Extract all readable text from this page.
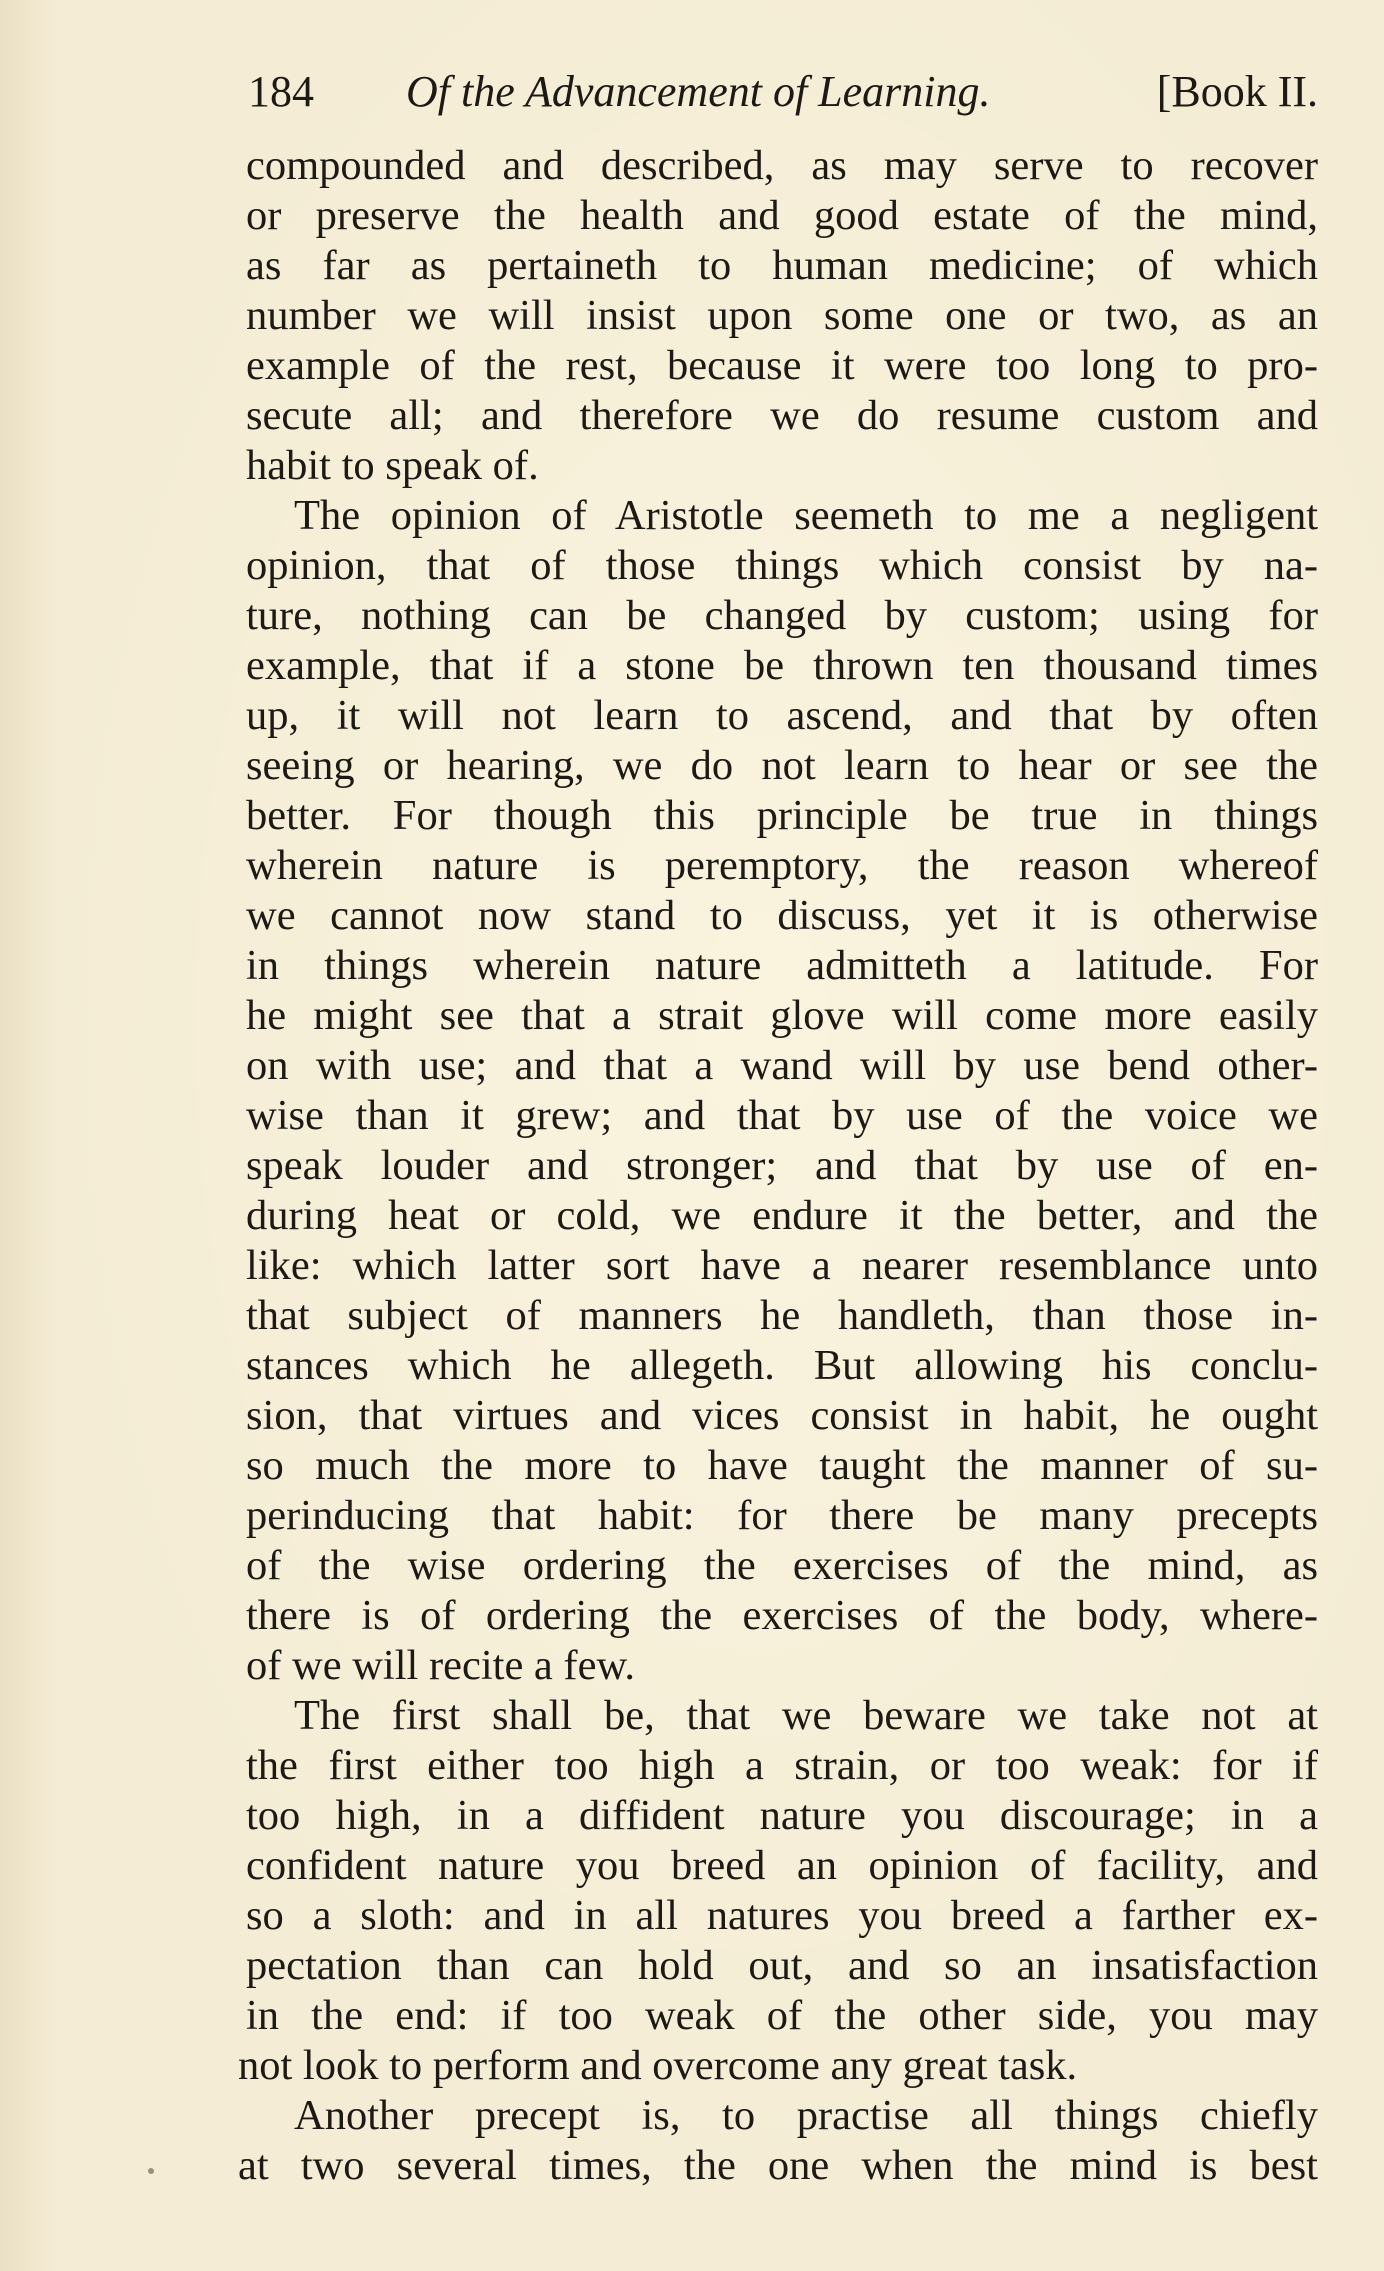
184 Of the Advancement of Learning.	[Book II.
compounded and described, as may serve to recover
or preserve the health and good estate of the mind,
as far as pertaineth to human medicine; of which
number we will insist upon some one or two, as an
example of the rest, because it were too long to pro-
secute all; and therefore we do resume custom and
habit to speak of.
The opinion of Aristotle seemeth to me a negligent
opinion, that of those things which consist by na-
ture, nothing can be changed by custom; using for
example, that if a stone be thrown ten thousand times
up, it will not learn to ascend, and that by often
seeing or hearing, we do not learn to hear or see the
better. For though this principle be true in things
wherein nature is peremptory, the reason whereof
we cannot now stand to discuss, yet it is otherwise
in things wherein nature admitteth a latitude. For
he might see that a strait glove will come more easily
on with use; and that a wand will by use bend other-
wise than it grew; and that by use of the voice we
speak louder and stronger; and that by use of en-
during heat or cold, we endure it the better, and the
like: which latter sort have a nearer resemblance unto
that subject of manners he handleth, than those in-
stances which he allegeth. But allowing his conclu-
sion, that virtues and vices consist in habit, he ought
so much the more to have taught the manner of su-
perinducing that habit: for there be many precepts
of the wise ordering the exercises of the mind, as
there is of ordering the exercises of the body, where-
of we will recite a few.
The first shall be, that we beware we take not at
the first either too high a strain, or too weak: for if
too high, in a diffident nature you discourage; in a
confident nature you breed an opinion of facility, and
so a sloth: and in all natures you breed a farther ex-
pectation than can hold out, and so an insatisfaction
in the end: if too weak of the other side, you may
not look to perform and overcome any great task.
Another precept is, to practise all things chiefly
at two several times, the one when the mind is best
